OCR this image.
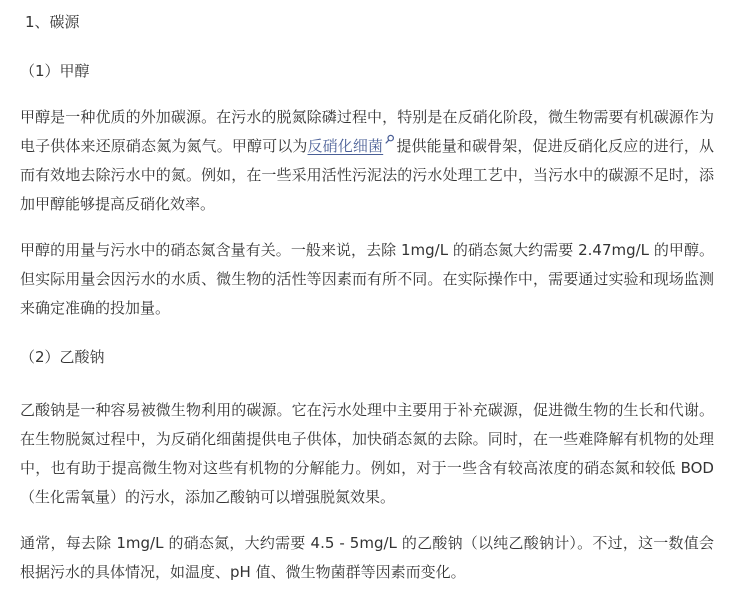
1、碳源

（1）甲醇

甲醇是一种优质的外加碳源。在污水的脱氮除磷过程中，特别是在反硝化阶段，微生物需要有机碳源作为电子供体来还原硝态氮为氮气。甲醇可以为反硝化细菌 提供能量和碳骨架，促进反硝化反应的进行，从而有效地去除污水中的氮。例如，在一些采用活性污泥法的污水处理工艺中，当污水中的碳源不足时，添加甲醇能够提高反硝化效率。

甲醇的用量与污水中的硝态氮含量有关。一般来说，去除 1mg/L 的硝态氮大约需要 2.47mg/L 的甲醇。但实际用量会因污水的水质、微生物的活性等因素而有所不同。在实际操作中，需要通过实验和现场监测来确定准确的投加量。

（2）乙酸钠

乙酸钠是一种容易被微生物利用的碳源。它在污水处理中主要用于补充碳源，促进微生物的生长和代谢。在生物脱氮过程中，为反硝化细菌提供电子供体，加快硝态氮的去除。同时，在一些难降解有机物的处理中，也有助于提高微生物对这些有机物的分解能力。例如，对于一些含有较高浓度的硝态氮和较低 BOD（生化需氧量）的污水，添加乙酸钠可以增强脱氮效果。

通常，每去除 1mg/L 的硝态氮，大约需要 4.5 - 5mg/L 的乙酸钠（以纯乙酸钠计）。不过，这一数值会根据污水的具体情况，如温度、pH 值、微生物菌群等因素而变化。
